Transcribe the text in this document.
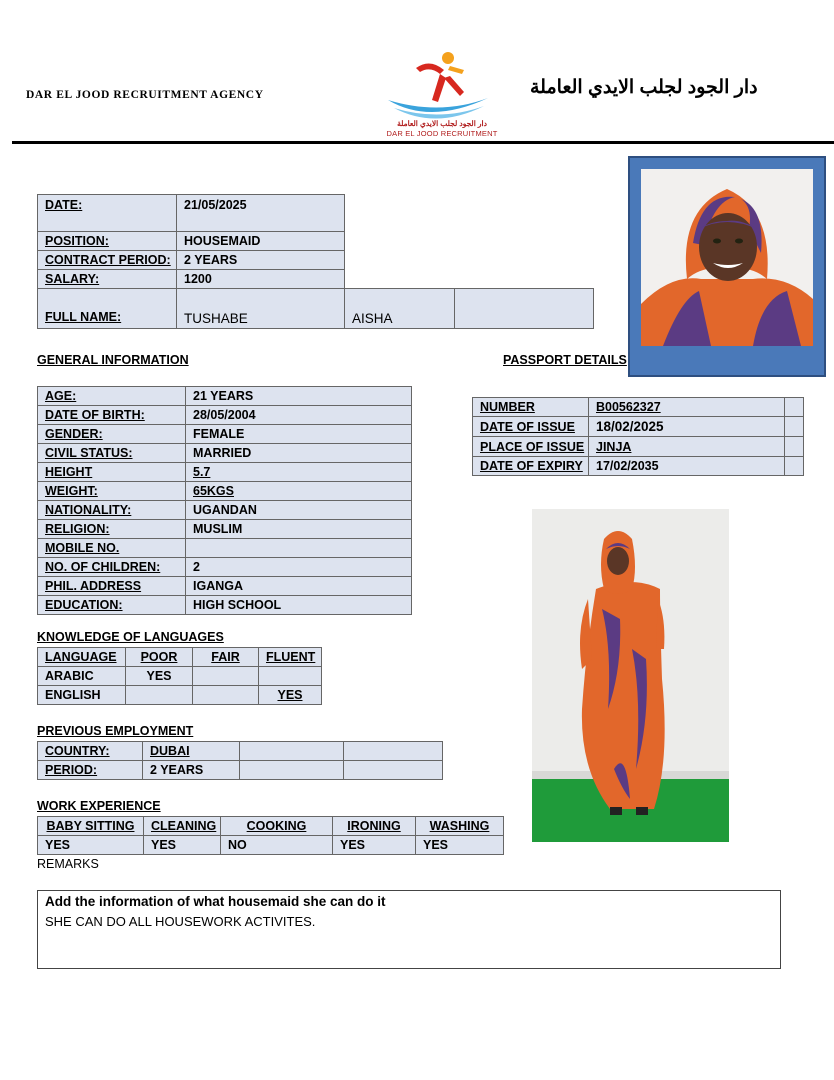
DAR EL JOOD RECRUITMENT AGENCY
دار الجود لجلب الايدي العاملة
DAR EL JOOD RECRUITMENT
دار الجود لجلب الايدي العاملة
DATE:	21/05/2025		
POSITION:	HOUSEMAID		
CONTRACT PERIOD:	2 YEARS		
SALARY:	1200		
FULL NAME:	TUSHABE	AISHA	
GENERAL INFORMATION	PASSPORT DETAILS
AGE:	21 YEARS
DATE OF BIRTH:	28/05/2004
GENDER:	FEMALE
CIVIL STATUS:	MARRIED
HEIGHT	5.7
WEIGHT:	65KGS
NATIONALITY:	UGANDAN
RELIGION:	MUSLIM
MOBILE NO.	
NO. OF CHILDREN:	2
PHIL. ADDRESS	IGANGA
EDUCATION:	HIGH SCHOOL
NUMBER	B00562327	
DATE OF ISSUE	18/02/2025	
PLACE OF ISSUE	JINJA	
DATE OF EXPIRY	17/02/2035	
KNOWLEDGE OF LANGUAGES
LANGUAGE	POOR	FAIR	FLUENT
ARABIC	YES		
ENGLISH			YES
PREVIOUS EMPLOYMENT
COUNTRY:	DUBAI		
PERIOD:	2 YEARS		
WORK EXPERIENCE
BABY SITTING	CLEANING	COOKING	IRONING	WASHING
YES	YES	NO	YES	YES
REMARKS
Add the information of what housemaid she can do it
SHE CAN DO ALL HOUSEWORK ACTIVITES.
